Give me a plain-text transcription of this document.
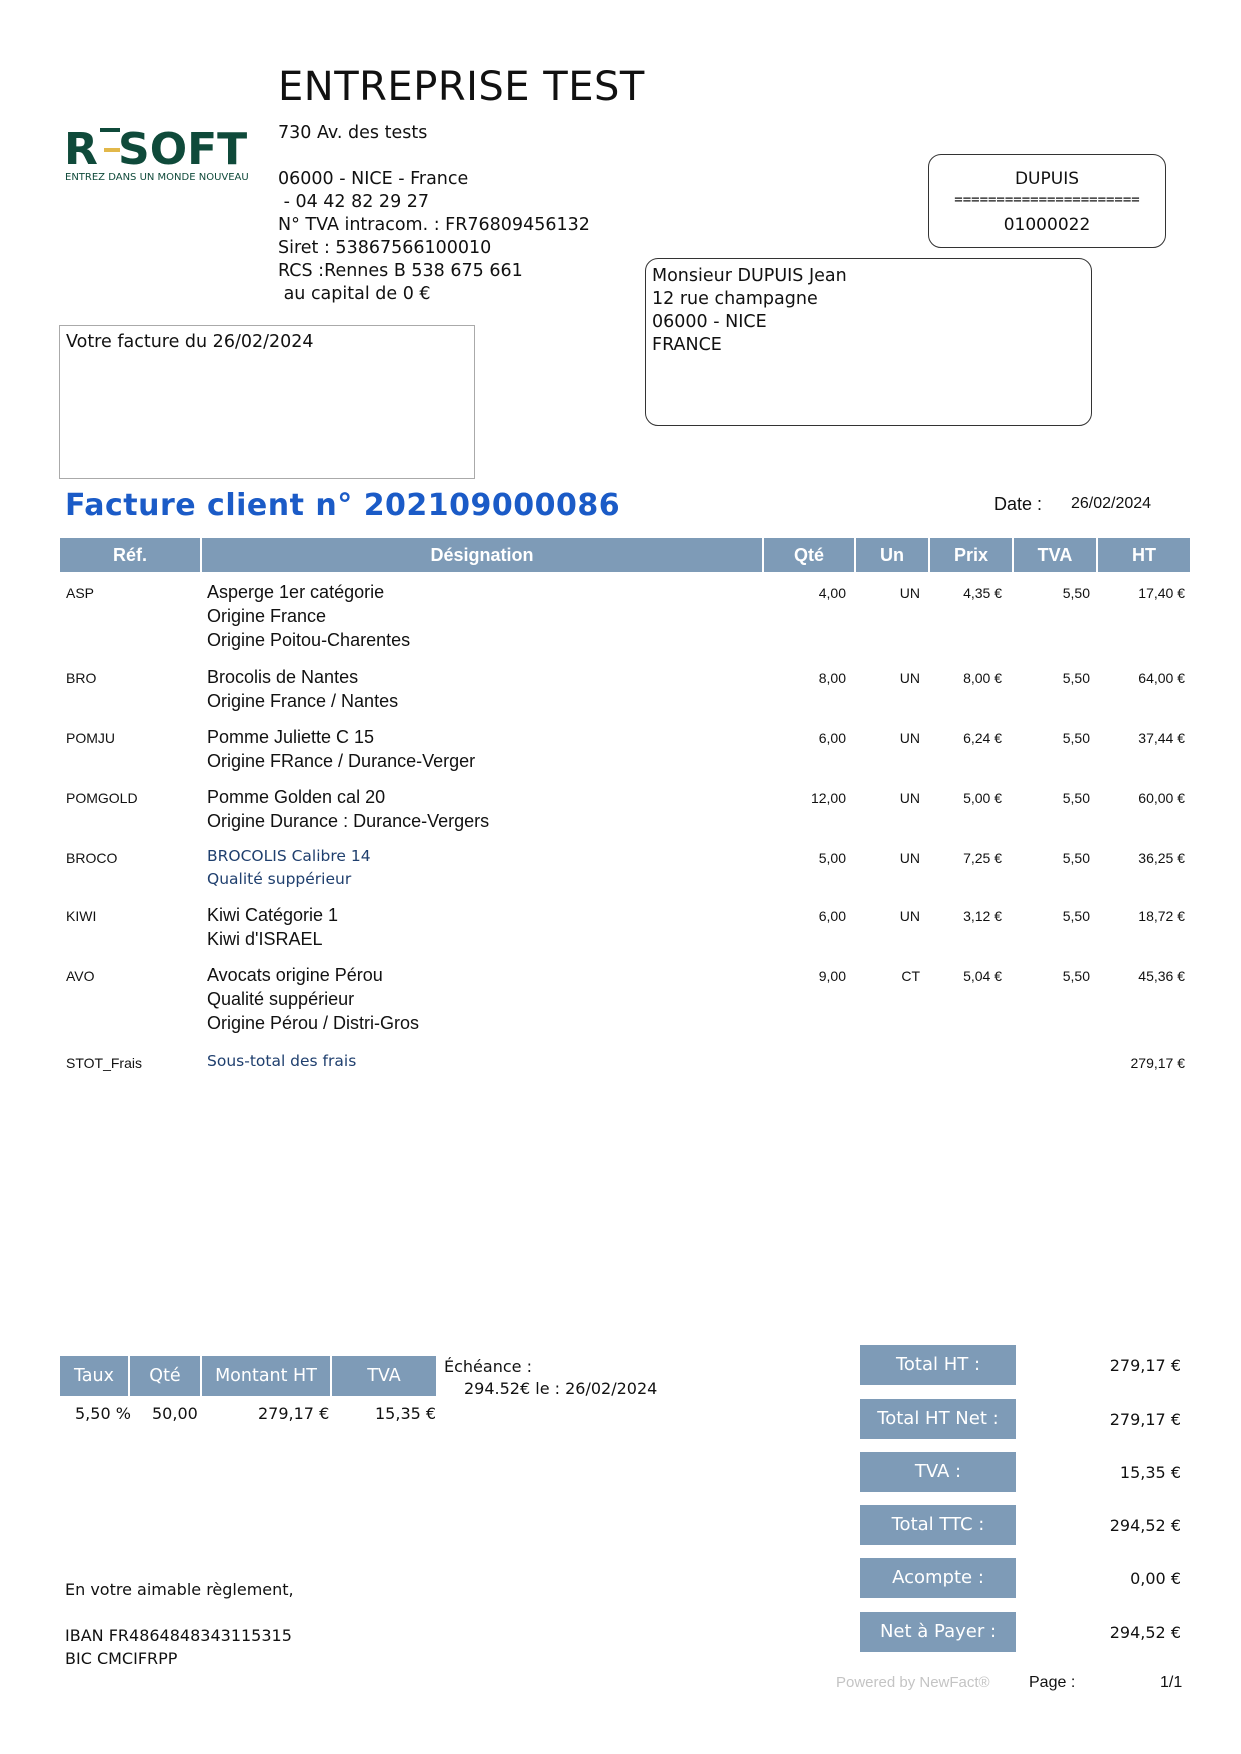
R SOFT
ENTREZ DANS UN MONDE NOUVEAU
ENTREPRISE TEST
730 Av. des tests
06000 - NICE - France
- 04 42 82 29 27
N° TVA intracom. : FR76809456132
Siret : 53867566100010
RCS :Rennes B 538 675 661
au capital de 0 €
DUPUIS
======================
01000022
Monsieur DUPUIS Jean
12 rue champagne
06000 - NICE
FRANCE
Votre facture du 26/02/2024
Facture client n° 202109000086	Date : 26/02/2024
Réf.	Désignation	Qté	Un	Prix	TVA	HT
ASP	Asperge 1er catégorie
Origine France
Origine Poitou-Charentes
4,00	UN	4,35 €	5,50	17,40 €
BRO	Brocolis de Nantes
Origine France / Nantes
8,00	UN	8,00 €	5,50	64,00 €
POMJU	Pomme Juliette C 15
Origine FRance / Durance-Verger
6,00	UN	6,24 €	5,50	37,44 €
POMGOLD	Pomme Golden cal 20
Origine Durance : Durance-Vergers
12,00	UN	5,00 €	5,50	60,00 €
BROCO	BROCOLIS Calibre 14
Qualité suppérieur
5,00	UN	7,25 €	5,50	36,25 €
KIWI	Kiwi Catégorie 1
Kiwi d'ISRAEL
6,00	UN	3,12 €	5,50	18,72 €
AVO	Avocats origine Pérou
Qualité suppérieur
Origine Pérou / Distri-Gros
9,00	CT	5,04 €	5,50	45,36 €
STOT_Frais	Sous-total des frais	279,17 €
Taux	Qté	Montant HT	TVA
5,50 % 50,00	279,17 €	15,35 €
Échéance :
294.52€ le : 26/02/2024
Total HT :	279,17 €
Total HT Net :	279,17 €
TVA :	15,35 €
Total TTC :	294,52 €
Acompte :	0,00 €
Net à Payer :	294,52 €
En votre aimable règlement,
IBAN FR4864848343115315
BIC CMCIFRPP
Powered by NewFact® Page :	1/1
